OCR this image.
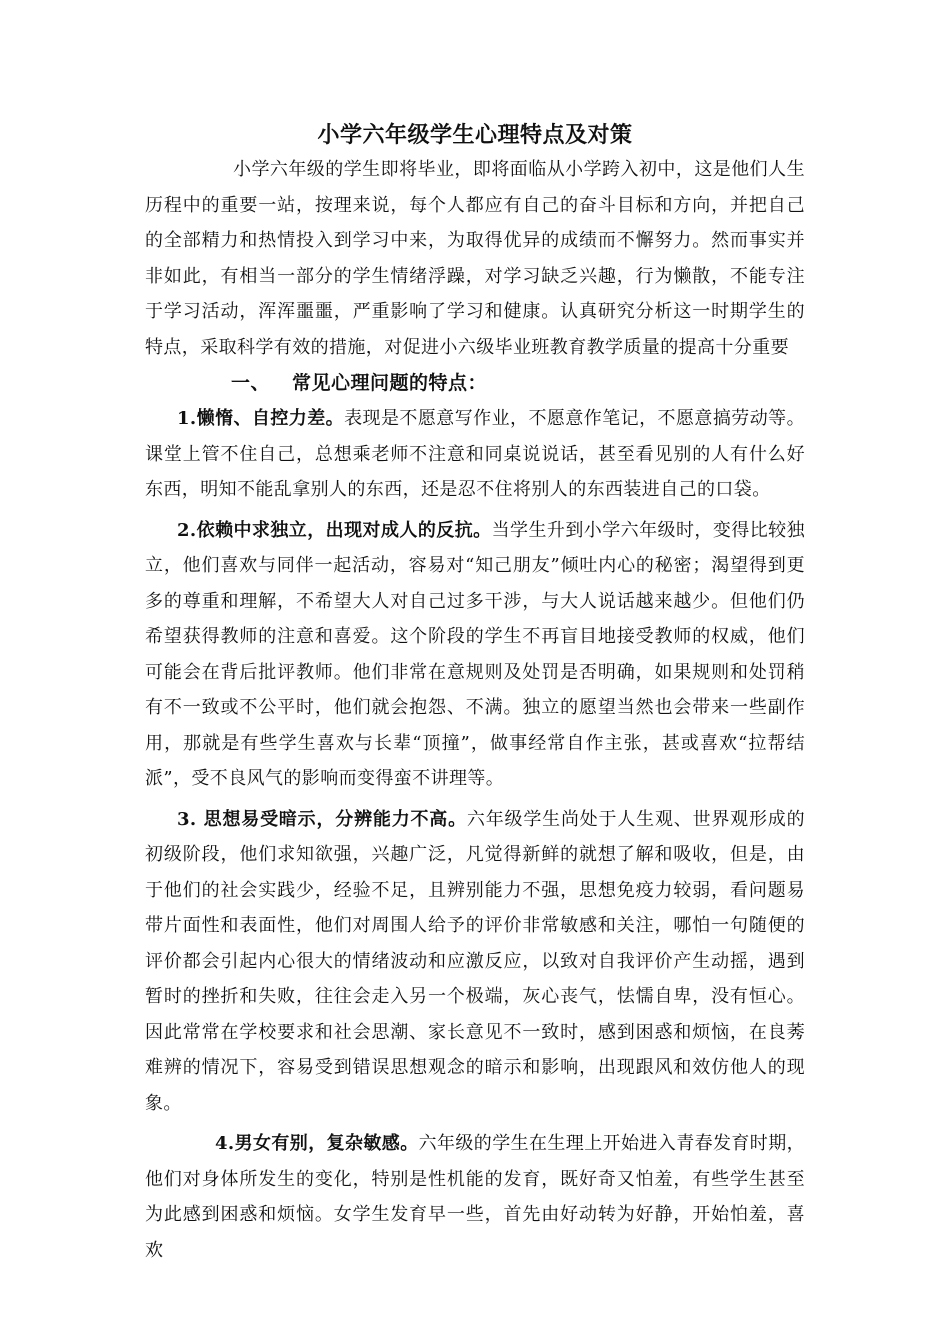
小学六年级学生心理特点及对策

小学六年级的学生即将毕业，即将面临从小学跨入初中，这是他们人生历程中的重要一站，按理来说，每个人都应有自己的奋斗目标和方向，并把自己的全部精力和热情投入到学习中来，为取得优异的成绩而不懈努力。然而事实并非如此，有相当一部分的学生情绪浮躁，对学习缺乏兴趣，行为懒散，不能专注于学习活动，浑浑噩噩，严重影响了学习和健康。认真研究分析这一时期学生的特点，采取科学有效的措施，对促进小六级毕业班教育教学质量的提高十分重要

一、 常见心理问题的特点：

1.懒惰、自控力差。表现是不愿意写作业，不愿意作笔记，不愿意搞劳动等。课堂上管不住自己，总想乘老师不注意和同桌说说话，甚至看见别的人有什么好东西，明知不能乱拿别人的东西，还是忍不住将别人的东西装进自己的口袋。

2.依赖中求独立，出现对成人的反抗。当学生升到小学六年级时，变得比较独立，他们喜欢与同伴一起活动，容易对“知己朋友”倾吐内心的秘密；渴望得到更多的尊重和理解，不希望大人对自己过多干涉，与大人说话越来越少。但他们仍希望获得教师的注意和喜爱。这个阶段的学生不再盲目地接受教师的权威，他们可能会在背后批评教师。他们非常在意规则及处罚是否明确，如果规则和处罚稍有不一致或不公平时，他们就会抱怨、不满。独立的愿望当然也会带来一些副作用，那就是有些学生喜欢与长辈“顶撞”，做事经常自作主张，甚或喜欢“拉帮结派”，受不良风气的影响而变得蛮不讲理等。

3. 思想易受暗示，分辨能力不高。六年级学生尚处于人生观、世界观形成的初级阶段，他们求知欲强，兴趣广泛，凡觉得新鲜的就想了解和吸收，但是，由于他们的社会实践少，经验不足，且辨别能力不强，思想免疫力较弱，看问题易带片面性和表面性，他们对周围人给予的评价非常敏感和关注，哪怕一句随便的评价都会引起内心很大的情绪波动和应激反应，以致对自我评价产生动摇，遇到暂时的挫折和失败，往往会走入另一个极端，灰心丧气，怯懦自卑，没有恒心。因此常常在学校要求和社会思潮、家长意见不一致时，感到困惑和烦恼，在良莠难辨的情况下，容易受到错误思想观念的暗示和影响，出现跟风和效仿他人的现象。

4.男女有别，复杂敏感。六年级的学生在生理上开始进入青春发育时期，他们对身体所发生的变化，特别是性机能的发育，既好奇又怕羞，有些学生甚至为此感到困惑和烦恼。女学生发育早一些，首先由好动转为好静，开始怕羞，喜欢
